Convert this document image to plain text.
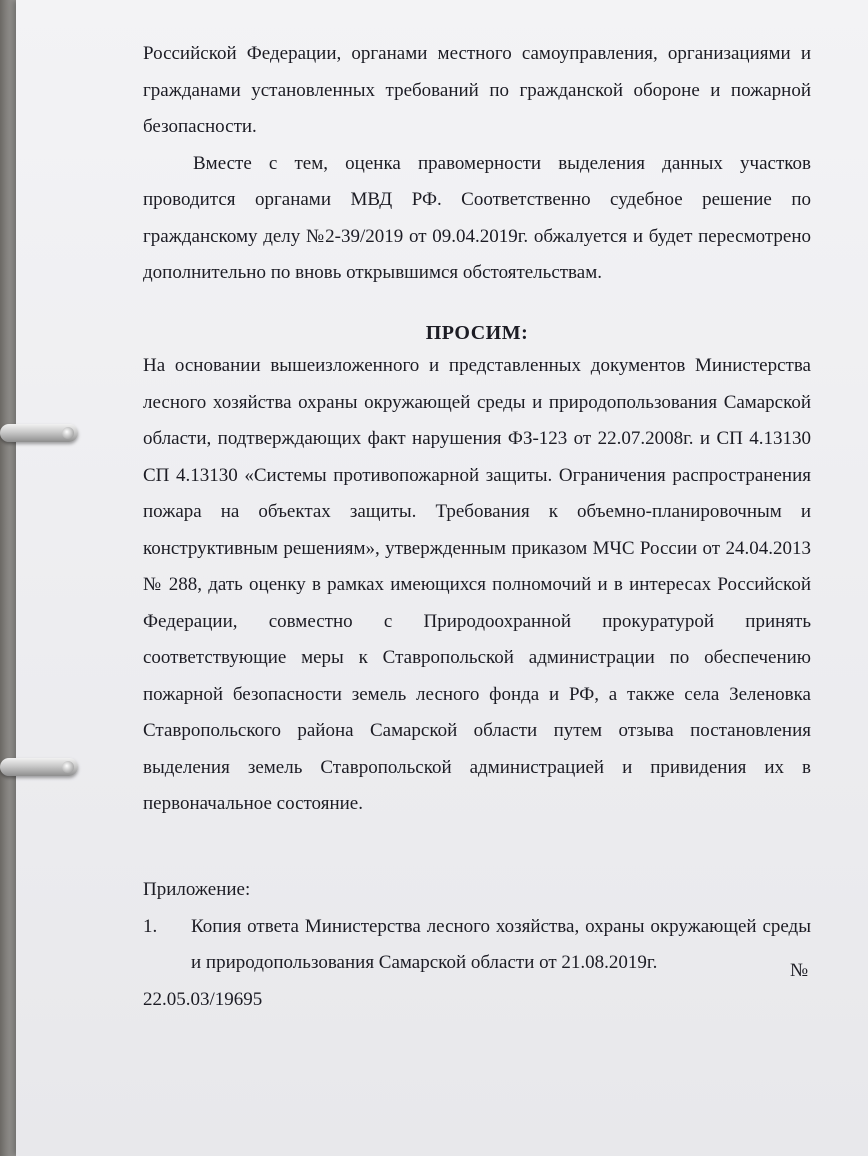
Российской Федерации, органами местного самоуправления, организациями и гражданами установленных требований по гражданской обороне и пожарной безопасности.

Вместе с тем, оценка правомерности выделения данных участков проводится органами МВД РФ. Соответственно судебное решение по гражданскому делу №2-39/2019 от 09.04.2019г. обжалуется и будет пересмотрено дополнительно по вновь открывшимся обстоятельствам.

ПРОСИМ:

На основании вышеизложенного и представленных документов Министерства лесного хозяйства охраны окружающей среды и природопользования Самарской области, подтверждающих факт нарушения ФЗ-123 от 22.07.2008г. и СП 4.13130 СП 4.13130 «Системы противопожарной защиты. Ограничения распространения пожара на объектах защиты. Требования к объемно-планировочным и конструктивным решениям», утвержденным приказом МЧС России от 24.04.2013 № 288, дать оценку в рамках имеющихся полномочий и в интересах Российской Федерации, совместно с Природоохранной прокуратурой принять соответствующие меры к Ставропольской администрации по обеспечению пожарной безопасности земель лесного фонда и РФ, а также села Зеленовка Ставропольского района Самарской области путем отзыва постановления выделения земель Ставропольской администрацией и привидения их в первоначальное состояние.

Приложение:

1.	Копия ответа Министерства лесного хозяйства, охраны окружающей среды и природопользования Самарской области от 21.08.2019г.
22.05.03/19695
№
